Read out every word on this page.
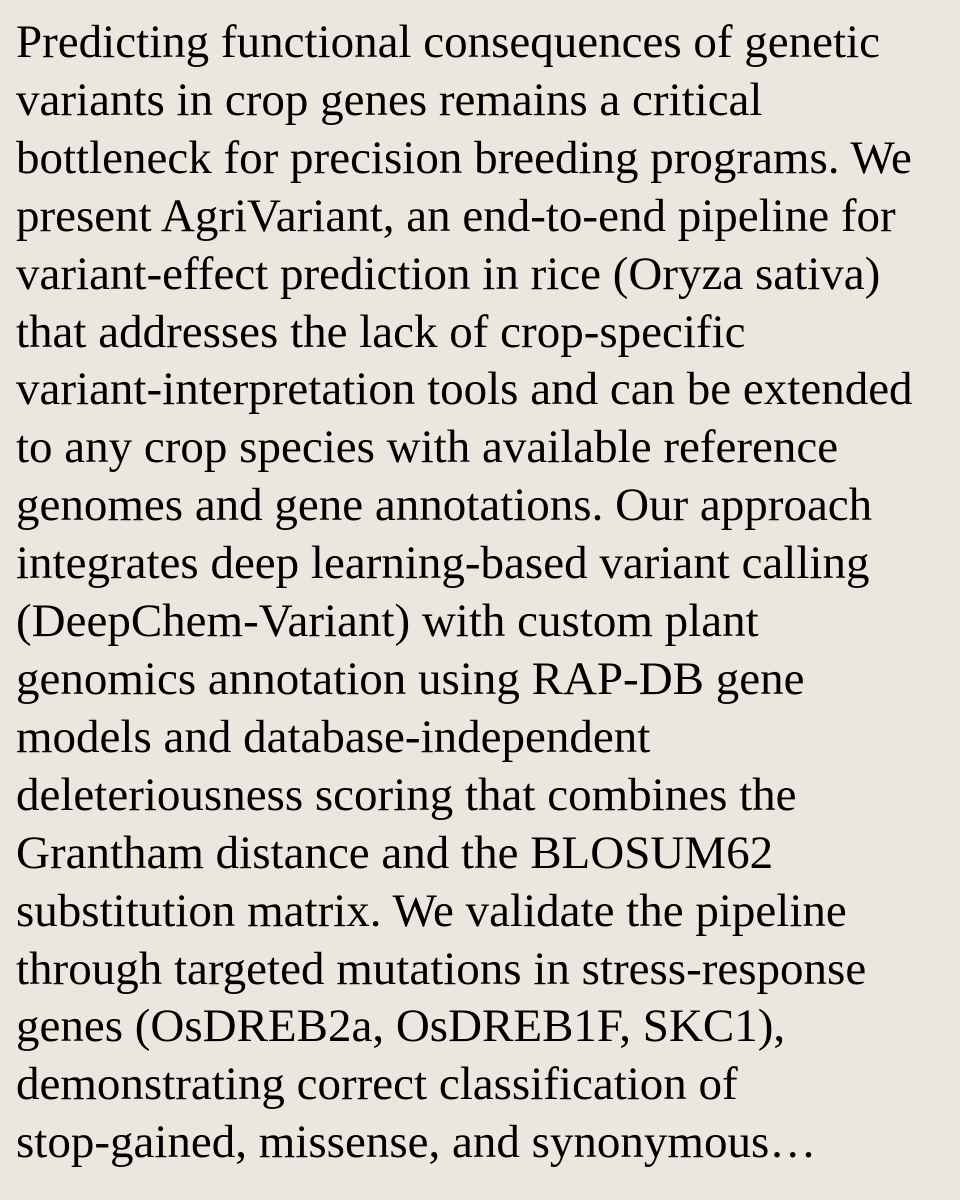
Predicting functional consequences of genetic
variants in crop genes remains a critical
bottleneck for precision breeding programs. We
present AgriVariant, an end-to-end pipeline for
variant-effect prediction in rice (Oryza sativa)
that addresses the lack of crop-specific
variant-interpretation tools and can be extended
to any crop species with available reference
genomes and gene annotations. Our approach
integrates deep learning-based variant calling
(DeepChem-Variant) with custom plant
genomics annotation using RAP-DB gene
models and database-independent
deleteriousness scoring that combines the
Grantham distance and the BLOSUM62
substitution matrix. We validate the pipeline
through targeted mutations in stress-response
genes (OsDREB2a, OsDREB1F, SKC1),
demonstrating correct classification of
stop-gained, missense, and synonymous…
